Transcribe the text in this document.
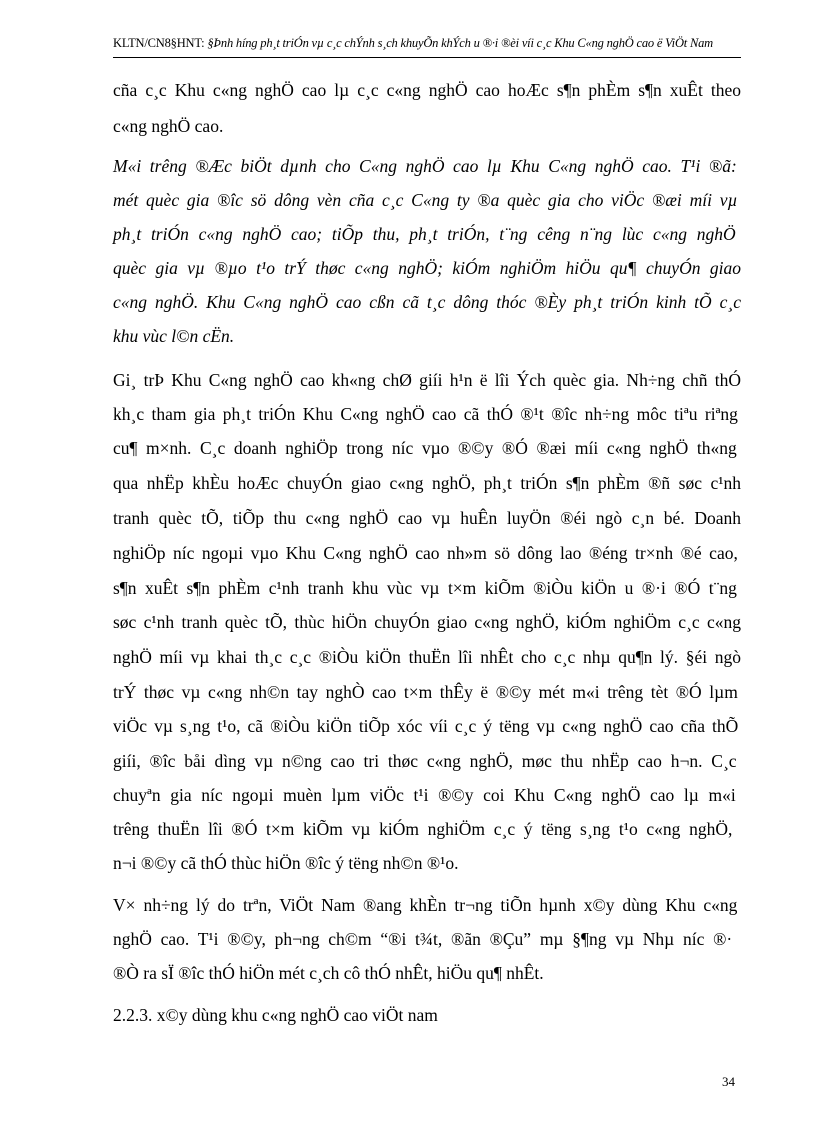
KLTN/CN8§HNT: §Þnh híng ph¸t triÓn vµ c¸c chÝnh s¸ch khuyÕn khÝch u ®·i ®èi víi c¸c Khu C«ng nghÖ cao ë ViÖt Nam
cña c¸c Khu c«ng nghÖ cao lµ c¸c c«ng nghÖ cao hoÆc s¶n phÈm s¶n xuÊt theo
c«ng nghÖ cao.
M«i trêng ®Æc biÖt dµnh cho C«ng nghÖ cao lµ Khu C«ng nghÖ cao. T¹i ®ã:
mét quèc gia ®îc sö dông vèn cña c¸c C«ng ty ®a quèc gia cho viÖc ®æi míi vµ
ph¸t triÓn c«ng nghÖ cao; tiÕp thu, ph¸t triÓn, t¨ng cêng n¨ng lùc c«ng nghÖ
quèc gia vµ ®µo t¹o trÝ thøc c«ng nghÖ; kiÓm nghiÖm hiÖu qu¶ chuyÓn giao
c«ng nghÖ. Khu C«ng nghÖ cao cßn cã t¸c dông thóc ®Èy ph¸t triÓn kinh tÕ c¸c
khu vùc l©n cËn.
Gi¸ trÞ Khu C«ng nghÖ cao kh«ng chØ giíi h¹n ë lîi Ých quèc gia. Nh÷ng chñ thÓ
kh¸c tham gia ph¸t triÓn Khu C«ng nghÖ cao cã thÓ ®¹t ®îc nh÷ng môc tiªu riªng
cu¶ m×nh. C¸c doanh nghiÖp trong níc vµo ®©y ®Ó ®æi míi c«ng nghÖ th«ng
qua nhËp khÈu hoÆc chuyÓn giao c«ng nghÖ, ph¸t triÓn s¶n phÈm ®ñ søc c¹nh
tranh quèc tÕ, tiÕp thu c«ng nghÖ cao vµ huÊn luyÖn ®éi ngò c¸n bé. Doanh
nghiÖp níc ngoµi vµo Khu C«ng nghÖ cao nh»m sö dông lao ®éng tr×nh ®é cao,
s¶n xuÊt s¶n phÈm c¹nh tranh khu vùc vµ t×m kiÕm ®iÒu kiÖn u ®·i ®Ó t¨ng
søc c¹nh tranh quèc tÕ, thùc hiÖn chuyÓn giao c«ng nghÖ, kiÓm nghiÖm c¸c c«ng
nghÖ míi vµ khai th¸c c¸c ®iÒu kiÖn thuËn lîi nhÊt cho c¸c nhµ qu¶n lý. §éi ngò
trÝ thøc vµ c«ng nh©n tay nghÒ cao t×m thÊy ë ®©y mét m«i trêng tèt ®Ó lµm
viÖc vµ s¸ng t¹o, cã ®iÒu kiÖn tiÕp xóc víi c¸c ý tëng vµ c«ng nghÖ cao cña thÕ
giíi, ®îc båi dìng vµ n©ng cao tri thøc c«ng nghÖ, møc thu nhËp cao h¬n. C¸c
chuyªn gia níc ngoµi muèn lµm viÖc t¹i ®©y coi Khu C«ng nghÖ cao lµ m«i
trêng thuËn lîi ®Ó t×m kiÕm vµ kiÓm nghiÖm c¸c ý tëng s¸ng t¹o c«ng nghÖ,
n¬i ®©y cã thÓ thùc hiÖn ®îc ý tëng nh©n ®¹o.
V× nh÷ng lý do trªn, ViÖt Nam ®ang khÈn tr¬ng tiÕn hµnh x©y dùng Khu c«ng
nghÖ cao. T¹i ®©y, ph¬ng ch©m “®i t¾t, ®ãn ®Çu” mµ §¶ng vµ Nhµ níc ®·
®Ò ra sÏ ®îc thÓ hiÖn mét c¸ch cô thÓ nhÊt, hiÖu qu¶ nhÊt.
2.2.3. x©y dùng khu c«ng nghÖ cao viÖt nam
34
